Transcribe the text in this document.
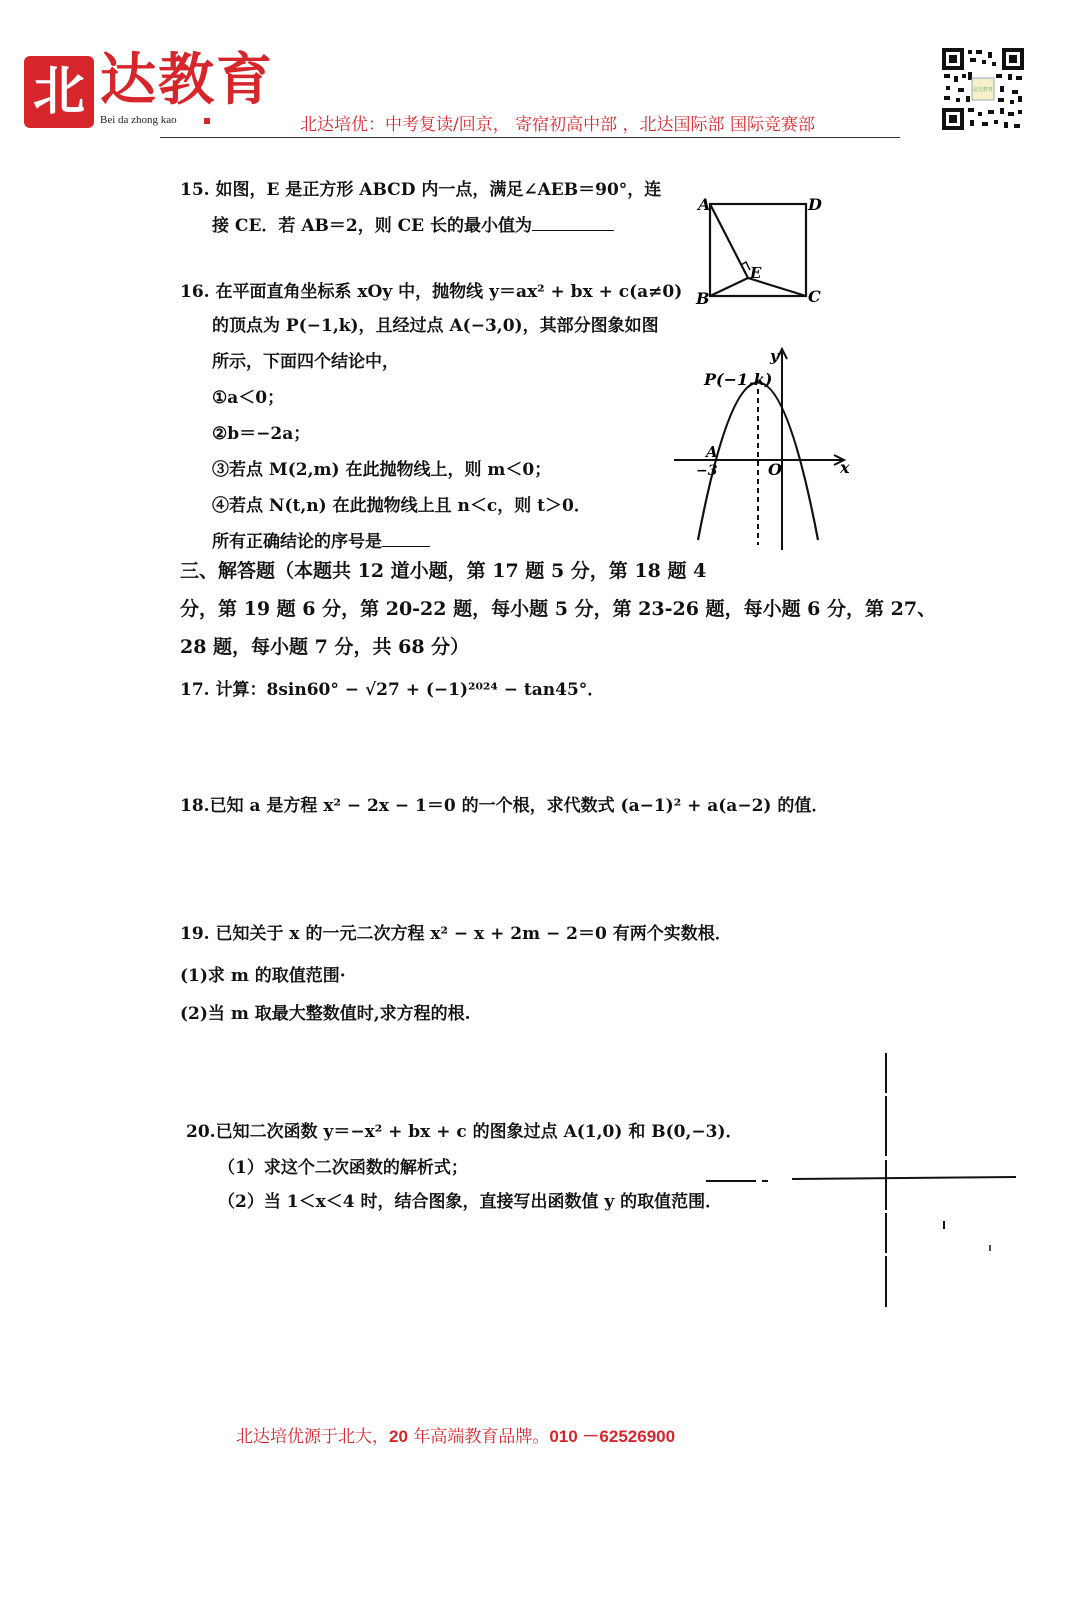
北 达教育
Bei da zhong kao	北达培优：中考复读/回京， 寄宿初高中部 ，北达国际部 国际竞赛部
北达教育
15. 如图，E 是正方形 ABCD 内一点，满足∠AEB＝90°，连
接 CE．若 AB＝2，则 CE 长的最小值为
A	D
B	C
E
16. 在平面直角坐标系 xOy 中，抛物线 y＝ax² + bx + c(a≠0)
的顶点为 P(−1,k)，且经过点 A(−3,0)，其部分图象如图
所示，下面四个结论中，
①a＜0；
②b＝−2a；
③若点 M(2,m) 在此抛物线上，则 m＜0；
④若点 N(t,n) 在此抛物线上且 n＜c，则 t＞0．
所有正确结论的序号是
P(−1,k)
A
−3	O	x
y
三、解答题（本题共 12 道小题，第 17 题 5 分，第 18 题 4
分，第 19 题 6 分，第 20-22 题，每小题 5 分，第 23-26 题，每小题 6 分，第 27、
28 题，每小题 7 分，共 68 分）
17. 计算：8sin60° − √27 + (−1)²⁰²⁴ − tan45°．
18.已知 a 是方程 x² − 2x − 1＝0 的一个根，求代数式 (a−1)² + a(a−2) 的值．
19. 已知关于 x 的一元二次方程 x² − x + 2m − 2＝0 有两个实数根．
(1)求 m 的取值范围·
(2)当 m 取最大整数值时,求方程的根.
20.已知二次函数 y＝−x² + bx + c 的图象过点 A(1,0) 和 B(0,−3)．
（1）求这个二次函数的解析式；
（2）当 1＜x＜4 时，结合图象，直接写出函数值 y 的取值范围．
北达培优源于北大，20 年高端教育品牌。010 －62526900
